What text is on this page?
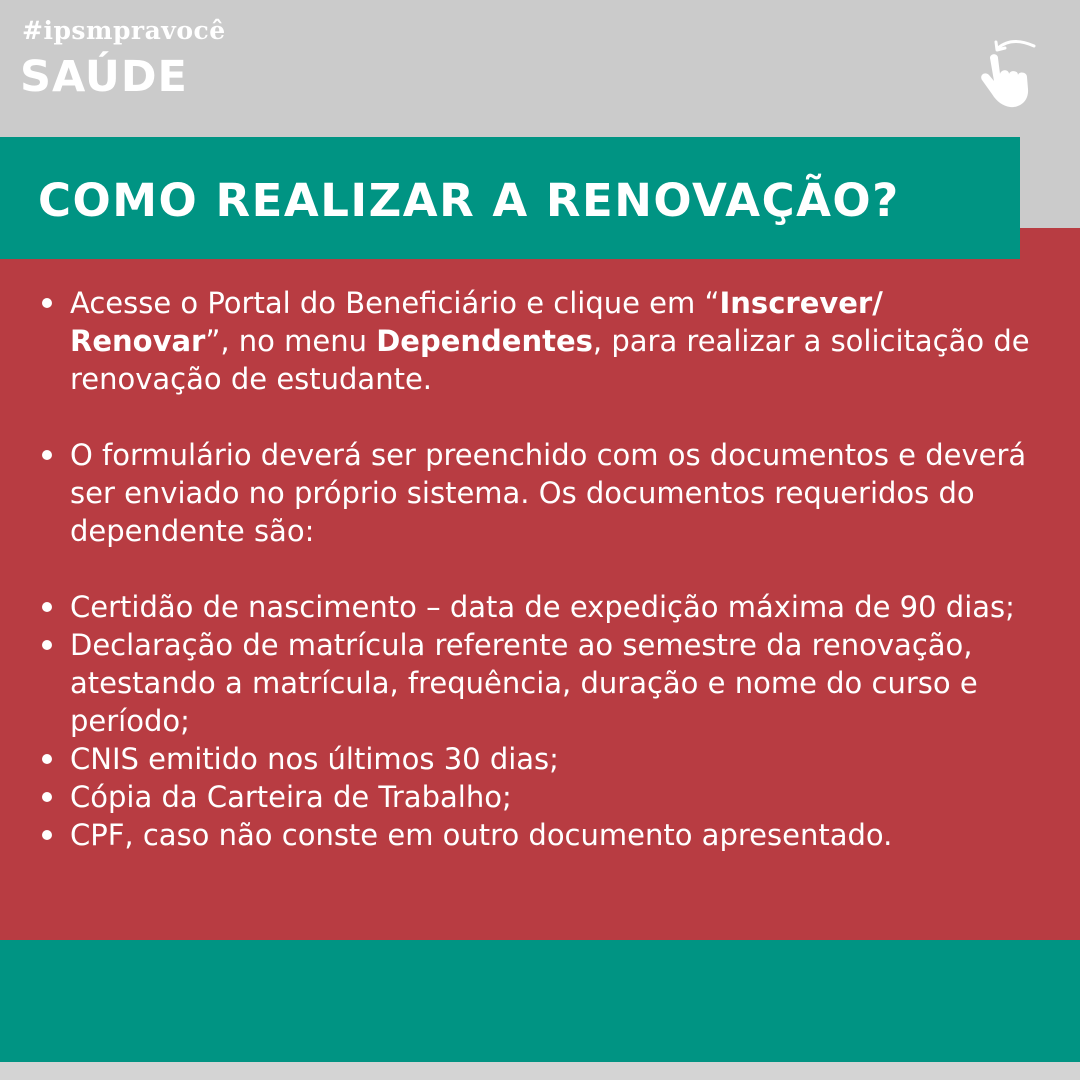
#ipsmpravocê
SAÚDE
COMO REALIZAR A RENOVAÇÃO?
Acesse o Portal do Beneficiário e clique em “Inscrever/ Renovar”, no menu Dependentes, para realizar a solicitação de renovação de estudante.
O formulário deverá ser preenchido com os documentos e deverá ser enviado no próprio sistema. Os documentos requeridos do dependente são:
Certidão de nascimento – data de expedição máxima de 90 dias;
Declaração de matrícula referente ao semestre da renovação, atestando a matrícula, frequência, duração e nome do curso e período;
CNIS emitido nos últimos 30 dias;
Cópia da Carteira de Trabalho;
CPF, caso não conste em outro documento apresentado.
